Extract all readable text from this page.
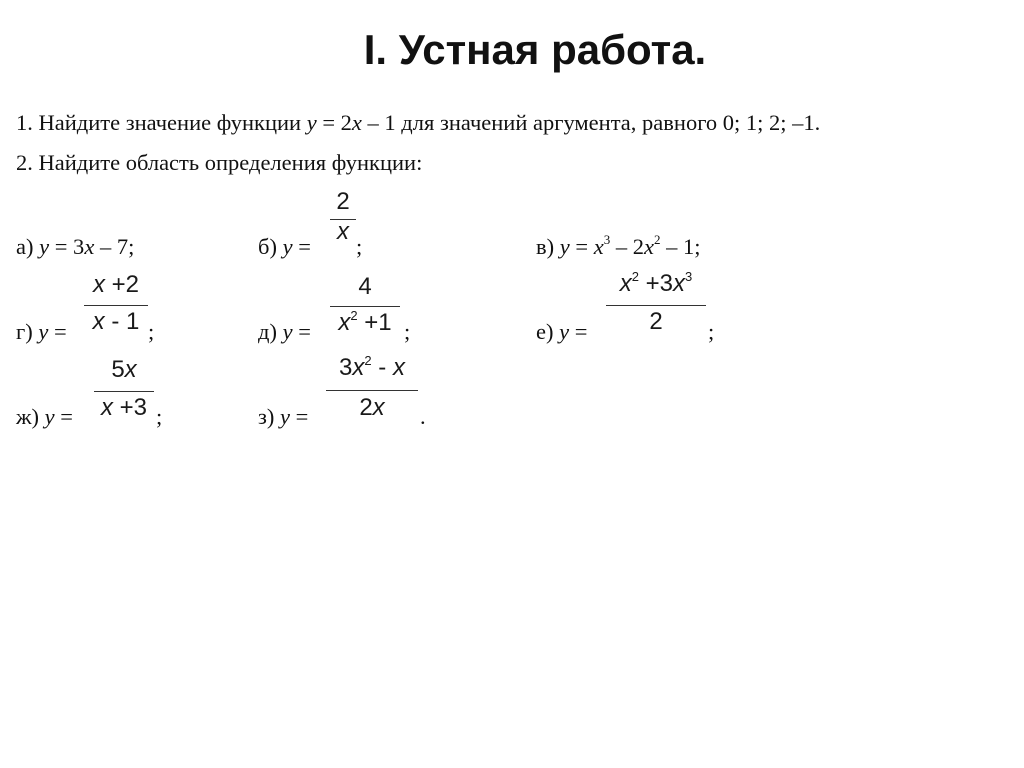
I. Устная работа.
1. Найдите значение функции y = 2x – 1 для значений аргумента, равного 0; 1; 2; –1.
2. Найдите область определения функции:
а) y = 3x – 7;	б) y =
2
x
;	в) $y = x^3 - 2x^2 - 1$;
г) y =
x +2
x - 1 ;	д) y =
4
$x^2 +1$ ;	е) y =
$x^2 +3x^3$
2	;
ж) y =
5x
x +3 ;	з) y =
$3x^2$ - x
2x	.
